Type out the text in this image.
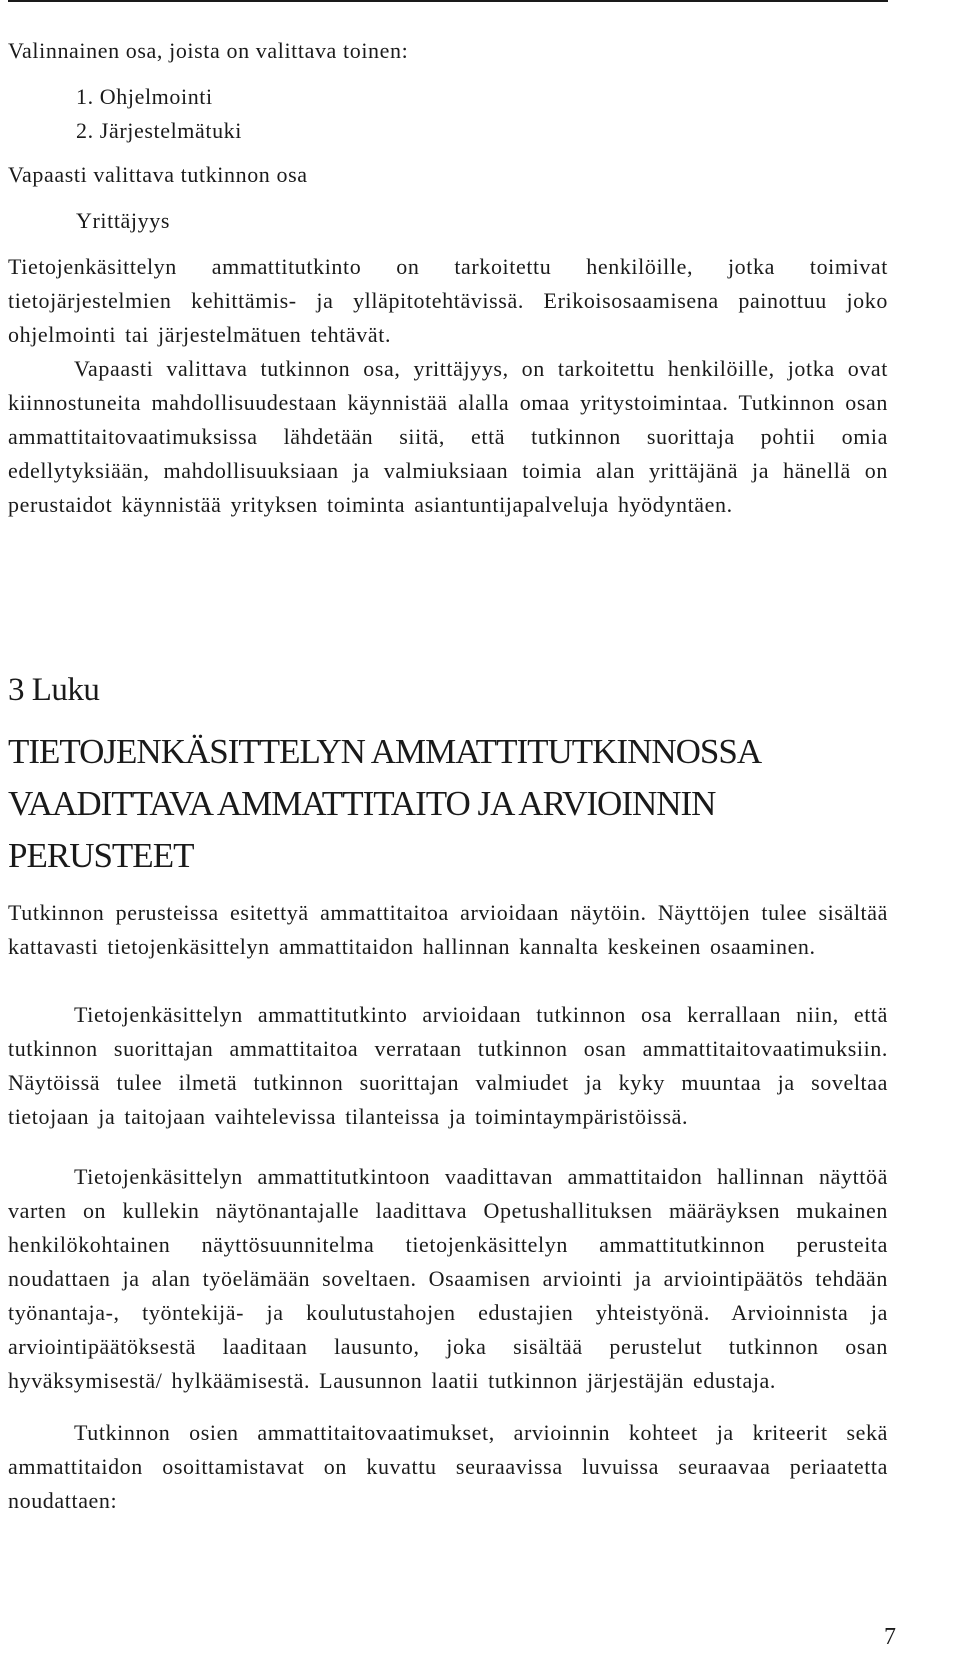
Valinnainen osa, joista on valittava toinen:

1. Ohjelmointi

2. Järjestelmätuki

Vapaasti valittava tutkinnon osa

Yrittäjyys

Tietojenkäsittelyn ammattitutkinto on tarkoitettu henkilöille, jotka toimivat tietojärjestelmien kehittämis- ja ylläpitotehtävissä. Erikoisosaamisena painottuu joko ohjelmointi tai järjestelmätuen tehtävät.

Vapaasti valittava tutkinnon osa, yrittäjyys, on tarkoitettu henkilöille, jotka ovat kiinnostuneita mahdollisuudestaan käynnistää alalla omaa yritystoimintaa. Tutkinnon osan ammattitaitovaatimuksissa lähdetään siitä, että tutkinnon suorittaja pohtii omia edellytyksiään, mahdollisuuksiaan ja valmiuksiaan toimia alan yrittäjänä ja hänellä on perustaidot käynnistää yrityksen toiminta asiantuntijapalveluja hyödyntäen.

3 Luku

TIETOJENKÄSITTELYN AMMATTITUTKINNOSSA
VAADITTAVA AMMATTITAITO JA ARVIOINNIN
PERUSTEET

Tutkinnon perusteissa esitettyä ammattitaitoa arvioidaan näytöin. Näyttöjen tulee sisältää kattavasti tietojenkäsittelyn ammattitaidon hallinnan kannalta keskeinen osaaminen.

Tietojenkäsittelyn ammattitutkinto arvioidaan tutkinnon osa kerrallaan niin, että tutkinnon suorittajan ammattitaitoa verrataan tutkinnon osan ammattitaitovaatimuksiin. Näytöissä tulee ilmetä tutkinnon suorittajan valmiudet ja kyky muuntaa ja soveltaa tietojaan ja taitojaan vaihtelevissa tilanteissa ja toimintaympäristöissä.

Tietojenkäsittelyn ammattitutkintoon vaadittavan ammattitaidon hallinnan näyttöä varten on kullekin näytönantajalle laadittava Opetushallituksen määräyksen mukainen henkilökohtainen näyttösuunnitelma tietojenkäsittelyn ammattitutkinnon perusteita noudattaen ja alan työelämään soveltaen. Osaamisen arviointi ja arviointipäätös tehdään työnantaja-, työntekijä- ja koulutustahojen edustajien yhteistyönä. Arvioinnista ja arviointipäätöksestä laaditaan lausunto, joka sisältää perustelut tutkinnon osan hyväksymisestä/ hylkäämisestä. Lausunnon laatii tutkinnon järjestäjän edustaja.

Tutkinnon osien ammattitaitovaatimukset, arvioinnin kohteet ja kriteerit sekä ammattitaidon osoittamistavat on kuvattu seuraavissa luvuissa seuraavaa periaatetta noudattaen:

7
